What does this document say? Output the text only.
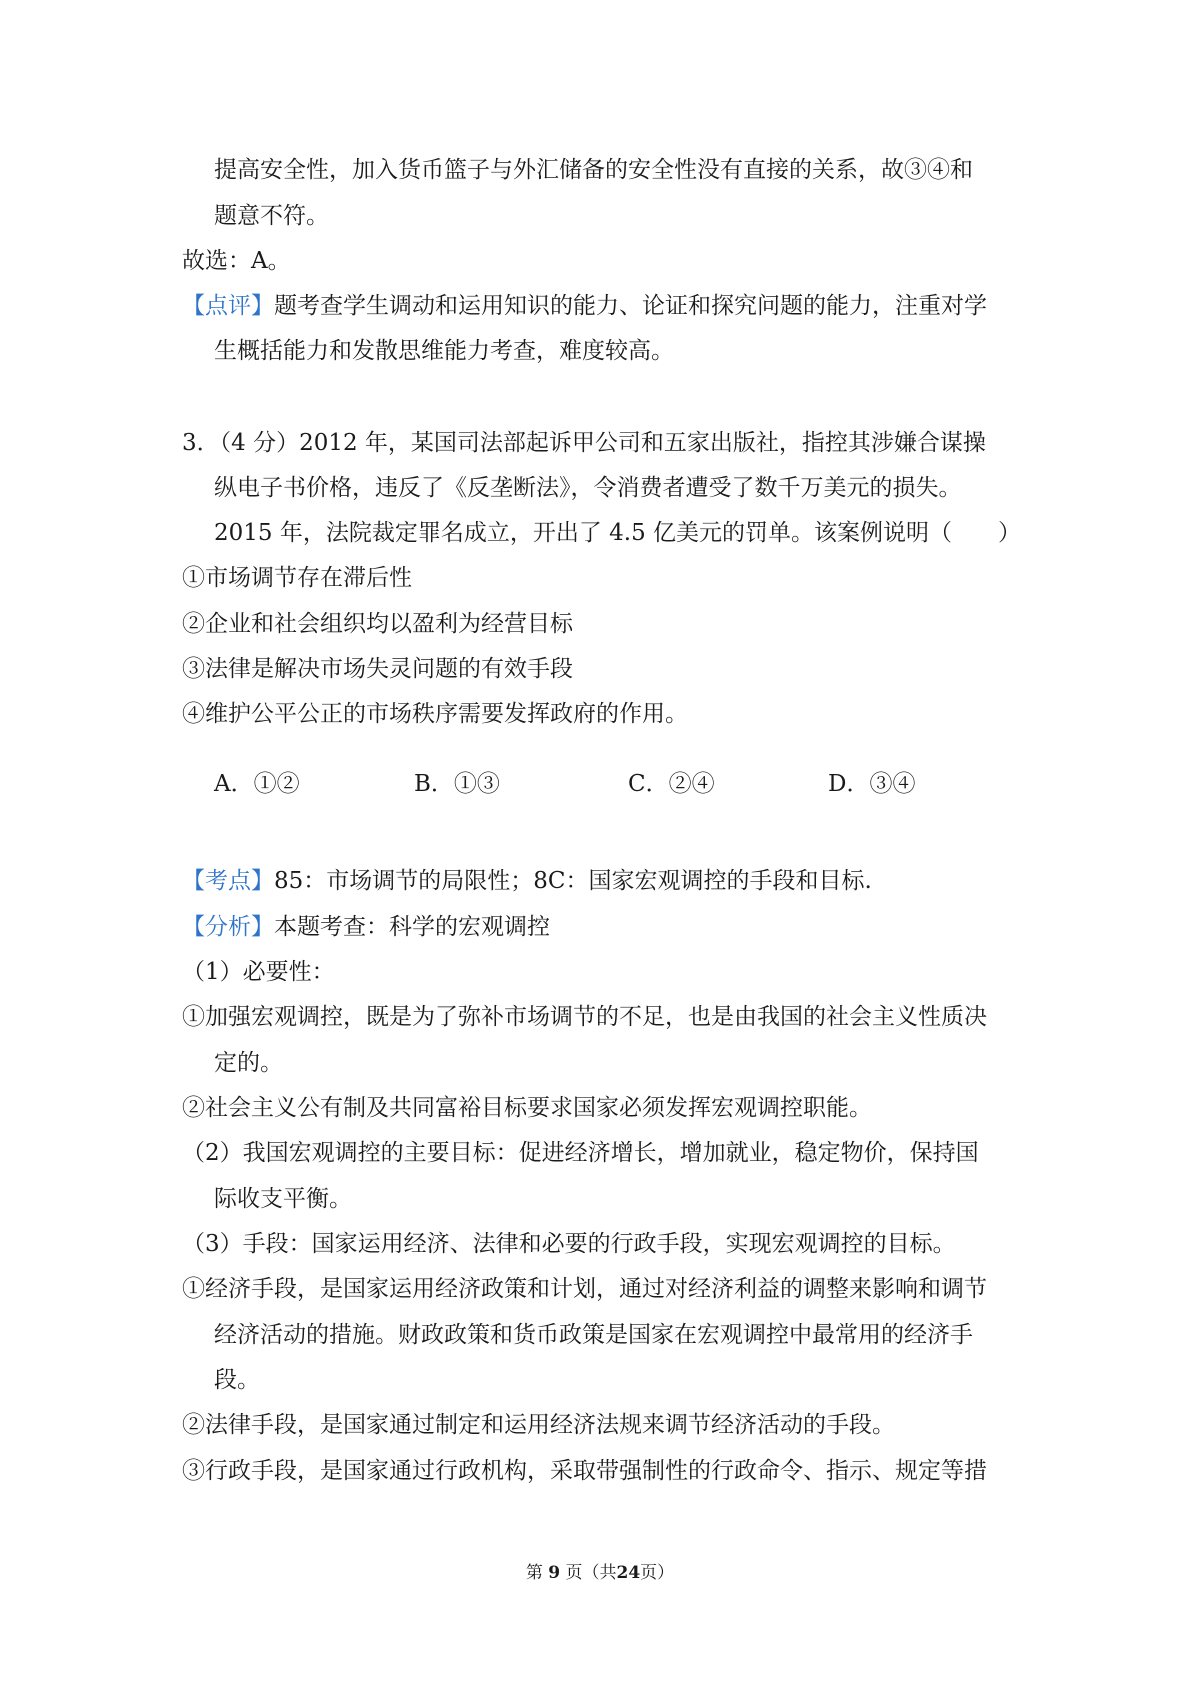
提高安全性，加入货币篮子与外汇储备的安全性没有直接的关系，故③④和
题意不符。
故选：A。
【点评】题考查学生调动和运用知识的能力、论证和探究问题的能力，注重对学
生概括能力和发散思维能力考查，难度较高。
3．（4 分）2012 年，某国司法部起诉甲公司和五家出版社，指控其涉嫌合谋操
纵电子书价格，违反了《反垄断法》，令消费者遭受了数千万美元的损失。
2015 年，法院裁定罪名成立，开出了 4.5 亿美元的罚单。该案例说明（　　）
①市场调节存在滞后性
②企业和社会组织均以盈利为经营目标
③法律是解决市场失灵问题的有效手段
④维护公平公正的市场秩序需要发挥政府的作用。
A．①②	B．①③	C．②④	D．③④
【考点】85：市场调节的局限性；8C：国家宏观调控的手段和目标.
【分析】本题考查：科学的宏观调控
（1）必要性：
①加强宏观调控，既是为了弥补市场调节的不足，也是由我国的社会主义性质决
定的。
②社会主义公有制及共同富裕目标要求国家必须发挥宏观调控职能。
（2）我国宏观调控的主要目标：促进经济增长，增加就业，稳定物价，保持国
际收支平衡。
（3）手段：国家运用经济、法律和必要的行政手段，实现宏观调控的目标。
①经济手段，是国家运用经济政策和计划，通过对经济利益的调整来影响和调节
经济活动的措施。财政政策和货币政策是国家在宏观调控中最常用的经济手
段。
②法律手段，是国家通过制定和运用经济法规来调节经济活动的手段。
③行政手段，是国家通过行政机构，采取带强制性的行政命令、指示、规定等措
第 9 页（共24页）
